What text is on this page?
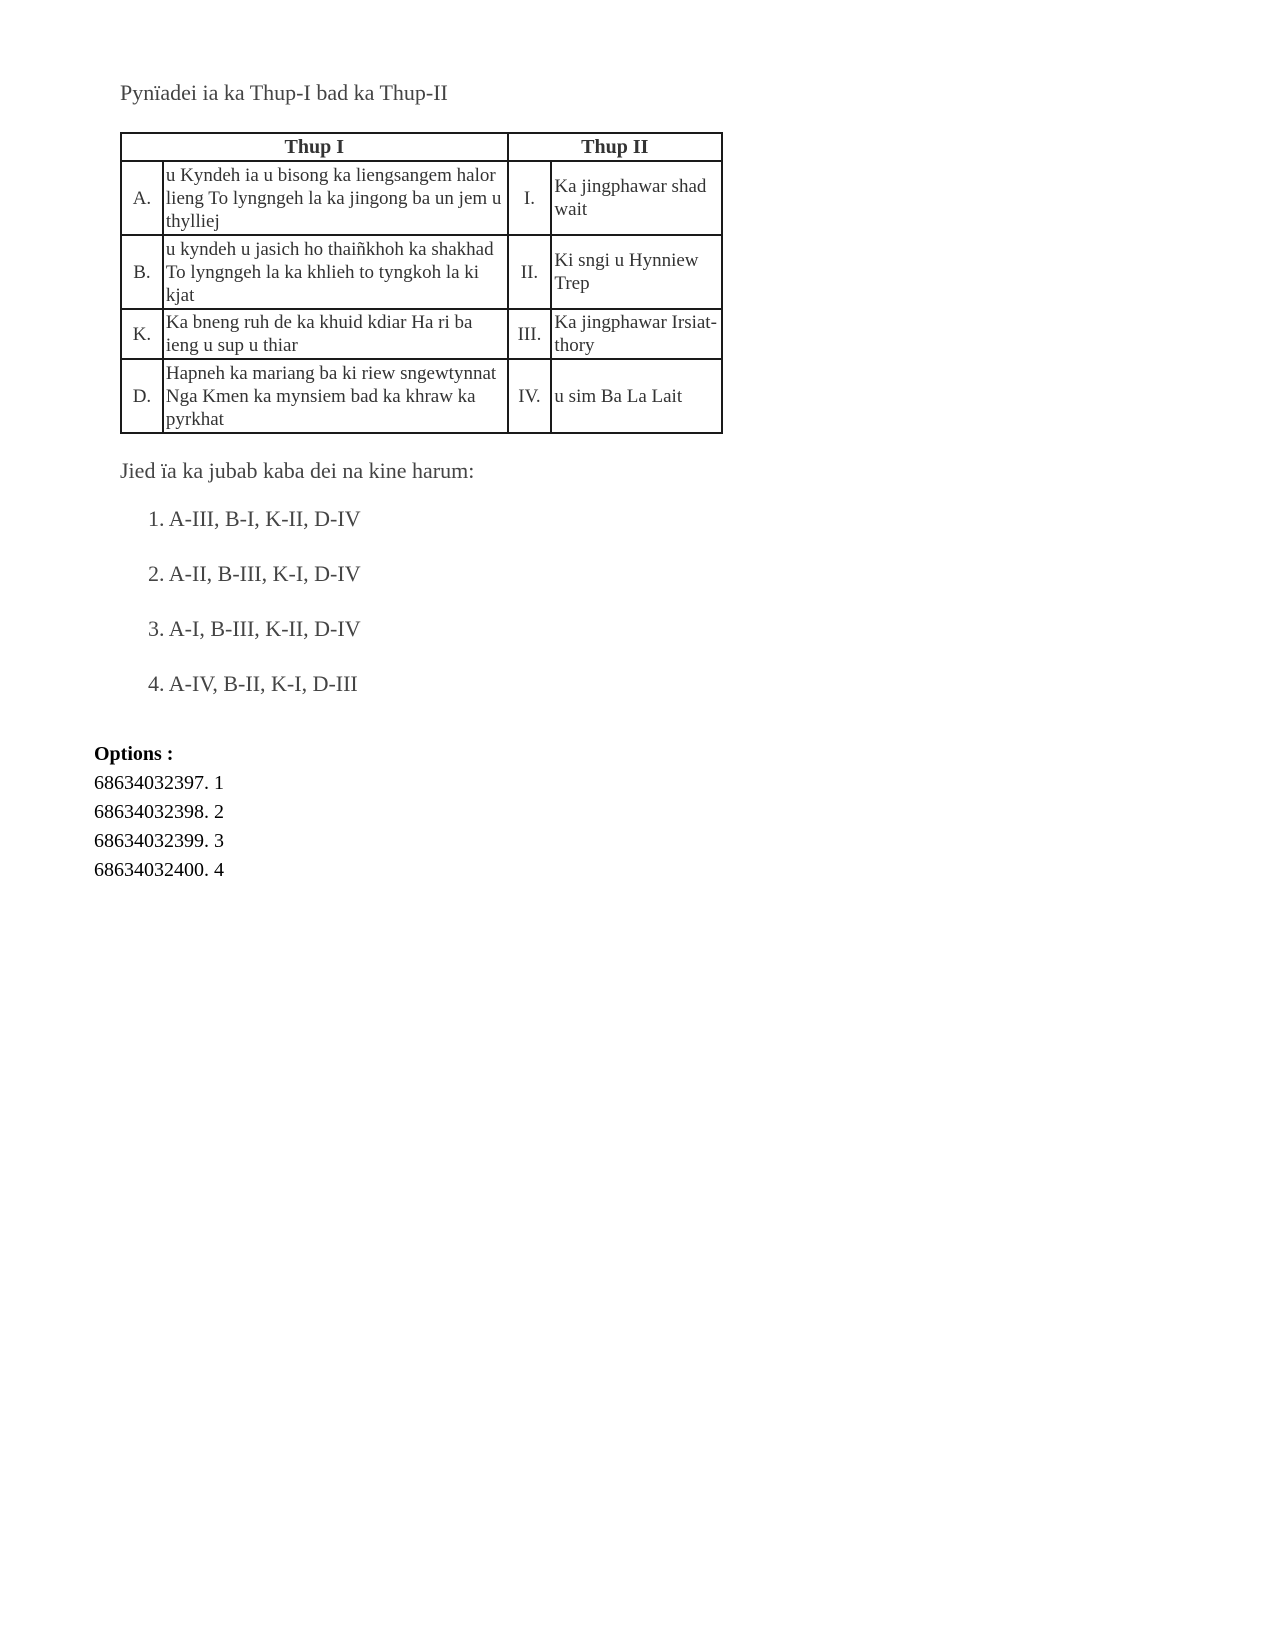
Pynïadei ia ka Thup-I bad ka Thup-II
Thup I		Thup II	
A.	u Kyndeh ia u bisong ka liengsangem halor lieng To lyngngeh la ka jingong ba un jem u thylliej	I.	Ka jingphawar shad wait
B.	u kyndeh u jasich ho thaiñkhoh ka shakhad To lyngngeh la ka khlieh to tyngkoh la ki kjat	II.	Ki sngi u Hynniew Trep
K.	Ka bneng ruh de ka khuid kdiar Ha ri ba ieng u sup u thiar	III.	Ka jingphawar Irsiat-thory
D.	Hapneh ka mariang ba ki riew sngewtynnat Nga Kmen ka mynsiem bad ka khraw ka pyrkhat	IV.	u sim Ba La Lait
Jied ïa ka jubab kaba dei na kine harum:
1. A-III, B-I, K-II, D-IV
2. A-II, B-III, K-I, D-IV
3. A-I, B-III, K-II, D-IV
4. A-IV, B-II, K-I, D-III
Options :
68634032397. 1
68634032398. 2
68634032399. 3
68634032400. 4
